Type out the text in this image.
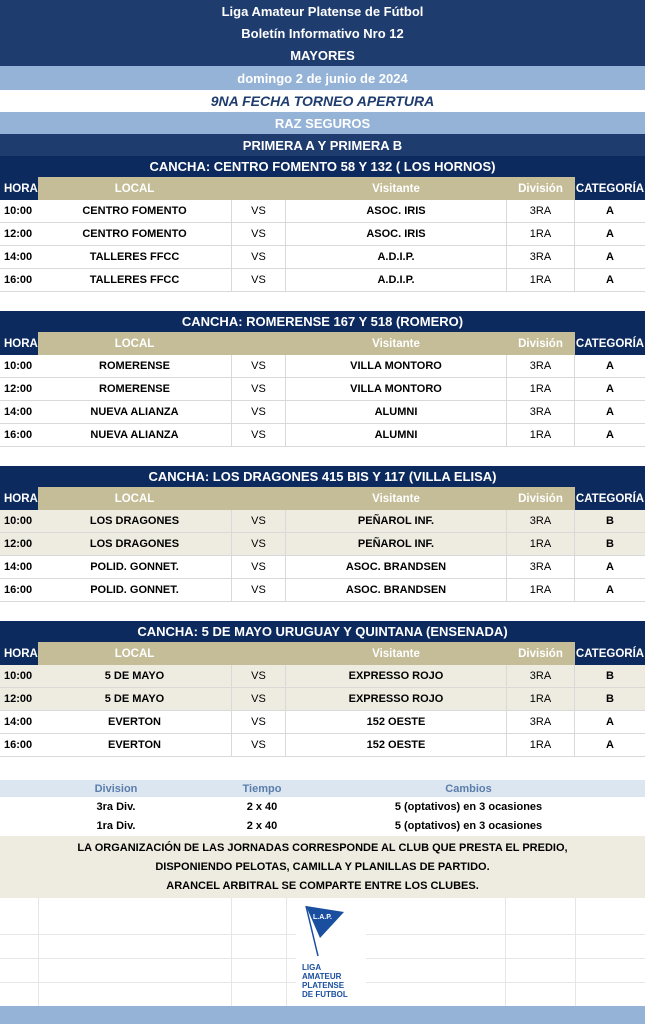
Liga Amateur Platense de Fútbol
Boletín Informativo Nro 12
MAYORES
domingo 2 de junio de 2024
9NA FECHA TORNEO APERTURA
RAZ SEGUROS
PRIMERA A Y PRIMERA B
CANCHA: CENTRO FOMENTO 58 Y 132 ( LOS HORNOS)
HORA	LOCAL	Visitante	División	CATEGORÍA
10:00	CENTRO FOMENTO	VS	ASOC. IRIS	3RA	A
12:00	CENTRO FOMENTO	VS	ASOC. IRIS	1RA	A
14:00	TALLERES FFCC	VS	A.D.I.P.	3RA	A
16:00	TALLERES FFCC	VS	A.D.I.P.	1RA	A
CANCHA: ROMERENSE 167 Y 518 (ROMERO)
HORA	LOCAL	Visitante	División	CATEGORÍA
10:00	ROMERENSE	VS	VILLA MONTORO	3RA	A
12:00	ROMERENSE	VS	VILLA MONTORO	1RA	A
14:00	NUEVA ALIANZA	VS	ALUMNI	3RA	A
16:00	NUEVA ALIANZA	VS	ALUMNI	1RA	A
CANCHA: LOS DRAGONES 415 BIS Y 117 (VILLA ELISA)
HORA	LOCAL	Visitante	División	CATEGORÍA
10:00	LOS DRAGONES	VS	PEÑAROL INF.	3RA	B
12:00	LOS DRAGONES	VS	PEÑAROL INF.	1RA	B
14:00	POLID. GONNET.	VS	ASOC. BRANDSEN	3RA	A
16:00	POLID. GONNET.	VS	ASOC. BRANDSEN	1RA	A
CANCHA: 5 DE MAYO URUGUAY Y QUINTANA (ENSENADA)
HORA	LOCAL	Visitante	División	CATEGORÍA
10:00	5 DE MAYO	VS	EXPRESSO ROJO	3RA	B
12:00	5 DE MAYO	VS	EXPRESSO ROJO	1RA	B
14:00	EVERTON	VS	152 OESTE	3RA	A
16:00	EVERTON	VS	152 OESTE	1RA	A
Division	Tiempo	Cambios
3ra Div.	2 x 40	5 (optativos) en 3 ocasiones
1ra Div.	2 x 40	5 (optativos) en 3 ocasiones
LA ORGANIZACIÓN DE LAS JORNADAS CORRESPONDE AL CLUB QUE PRESTA EL PREDIO,
DISPONIENDO PELOTAS, CAMILLA Y PLANILLAS DE PARTIDO.
ARANCEL ARBITRAL SE COMPARTE ENTRE LOS CLUBES.
L.A.P.
LIGA
AMATEUR
PLATENSE
DE FUTBOL
